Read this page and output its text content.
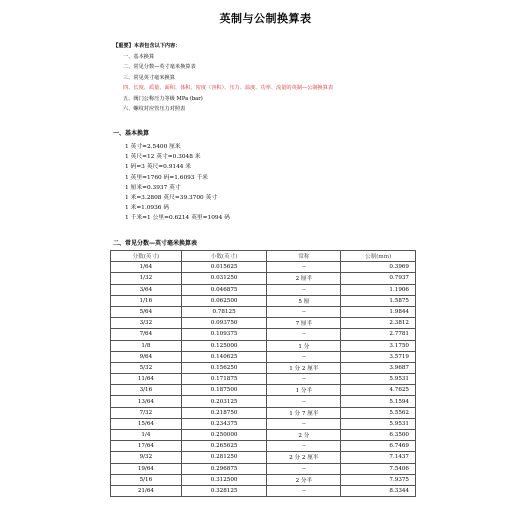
英制与公制换算表
【重要】本表包含以下内容：
一、基本换算
二、常见分数—英寸毫米换算表
三、常见英寸毫米换算
四、长度、质量、面积、体积、密度（容积）、压力、温度、功率、流量的英制—公制换算表
五、阀门公称压力等级 MPa (bar)
六、螺纹对应管压力对照表
一、基本换算
1 英寸=2.5400 厘米
1 英尺=12 英寸=0.3048 米
1 码=3 英尺=0.9144 米
1 英里=1760 码=1.6093 千米
1 厘米=0.3937 英寸
1 米=3.2808 英尺=39.3700 英寸
1 米=1.0936 码
1 千米=1 公里=0.6214 英里=1094 码
二、常见分数—英寸毫米换算表
分数(英寸)	小数(英寸)	常称	公制(mm)
1/64	0.015625	--	0.3969
1/32	0.031250	2 厘半	0.7937
3/64	0.046875	--	1.1906
1/16	0.062500	5 厘	1.5875
5/64	0.78125	--	1.9844
3/32	0.093750	7 厘半	2.3812
7/64	0.109375	--	2.7781
1/8	0.125000	1 分	3.1750
9/64	0.140625	--	3.5719
5/32	0.156250	1 分 2 厘半	3.9687
11/64	0.171875	--	5.9531
3/16	0.187500	1 分半	4.7625
13/64	0.203125	--	5.1594
7/32	0.218750	1 分 7 厘半	5.5562
15/64	0.234375	--	5.9531
1/4	0.250000	2 分	6.3500
17/64	0.265625	--	6.7469
9/32	0.281250	2 分 2 厘半	7.1437
19/64	0.296875	--	7.5406
5/16	0.312500	2 分半	7.9375
21/64	0.328125	--	8.3344
